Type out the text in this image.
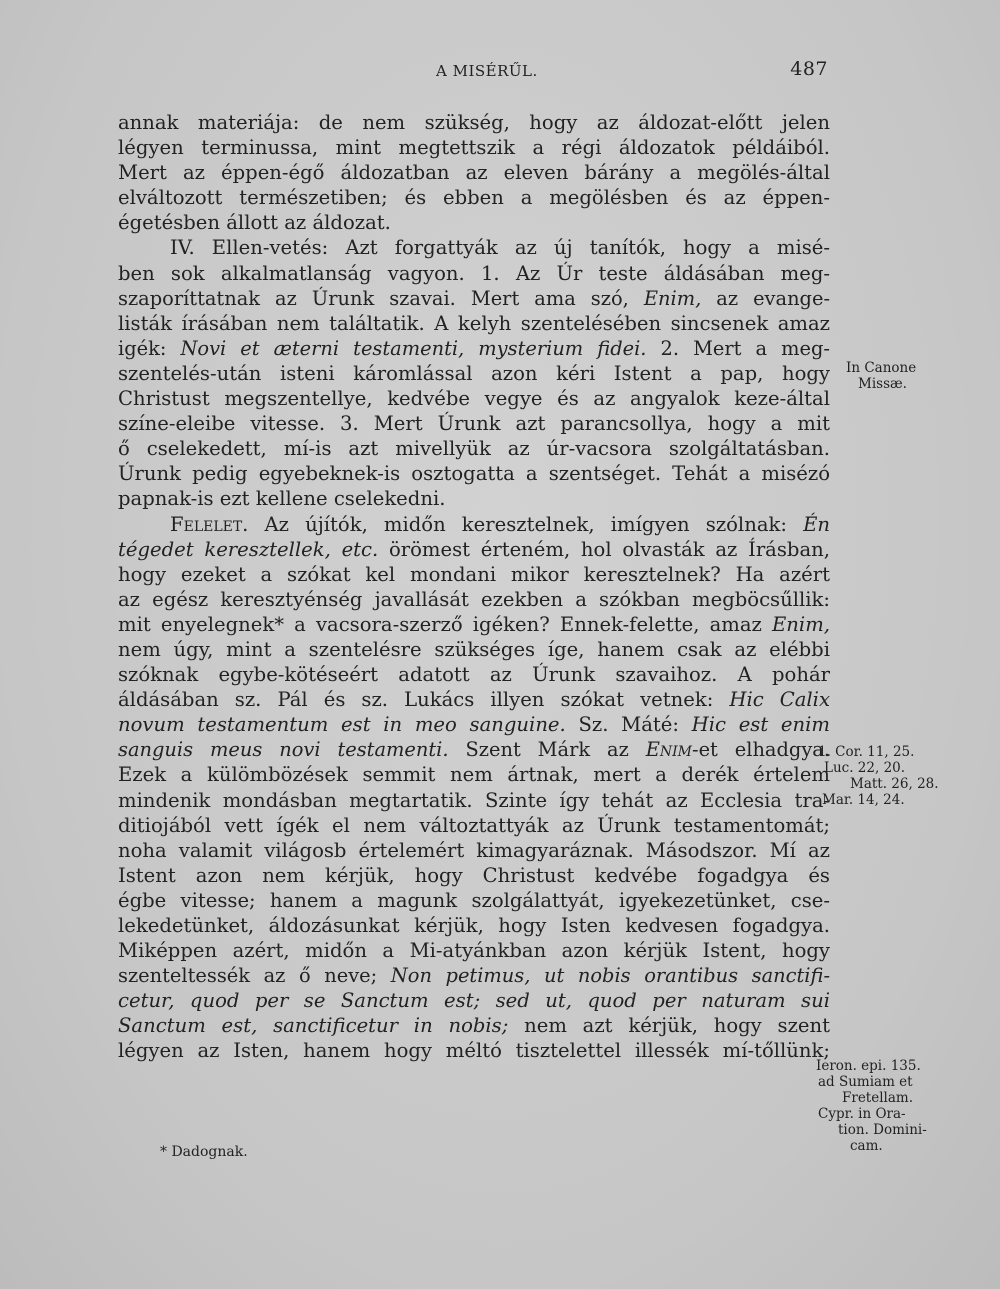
A MISÉRŰL.	487
annak materiája: de nem szükség, hogy az áldozat-előtt jelen
légyen terminussa, mint megtettszik a régi áldozatok példáiból.
Mert az éppen-égő áldozatban az eleven bárány a megölés-által
elváltozott természetiben; és ebben a megölésben és az éppen-
égetésben állott az áldozat.
IV. Ellen-vetés: Azt forgattyák az új tanítók, hogy a misé-
ben sok alkalmatlanság vagyon. 1. Az Úr teste áldásában meg-
szaporíttatnak az Úrunk szavai. Mert ama szó, Enim, az evange-
listák írásában nem találtatik. A kelyh szentelésében sincsenek amaz
igék: Novi et æterni testamenti, mysterium fidei. 2. Mert a meg-
szentelés-után isteni káromlással azon kéri Istent a pap, hogy
Christust megszentellye, kedvébe vegye és az angyalok keze-által
színe-eleibe vitesse. 3. Mert Úrunk azt parancsollya, hogy a mit
ő cselekedett, mí-is azt mivellyük az úr-vacsora szolgáltatásban.
Úrunk pedig egyebeknek-is osztogatta a szentséget. Tehát a misézó
papnak-is ezt kellene cselekedni.
Felelet. Az újítók, midőn keresztelnek, imígyen szólnak: Én
tégedet keresztellek, etc. örömest érteném, hol olvasták az Írásban,
hogy ezeket a szókat kel mondani mikor keresztelnek? Ha azért
az egész keresztyénség javallását ezekben a szókban megböcsűllik:
mit enyelegnek* a vacsora-szerző igéken? Ennek-felette, amaz Enim,
nem úgy, mint a szentelésre szükséges íge, hanem csak az elébbi
szóknak egybe-kötéseért adatott az Úrunk szavaihoz. A pohár
áldásában sz. Pál és sz. Lukács illyen szókat vetnek: Hic Calix
novum testamentum est in meo sanguine. Sz. Máté: Hic est enim
sanguis meus novi testamenti. Szent Márk az Enim-et elhadgya.
Ezek a külömbözések semmit nem ártnak, mert a derék értelem
mindenik mondásban megtartatik. Szinte így tehát az Ecclesia tra-
ditiojából vett ígék el nem változtattyák az Úrunk testamentomát;
noha valamit világosb értelemért kimagyaráznak. Másodszor. Mí az
Istent azon nem kérjük, hogy Christust kedvébe fogadgya és
égbe vitesse; hanem a magunk szolgálattyát, igyekezetünket, cse-
lekedetünket, áldozásunkat kérjük, hogy Isten kedvesen fogadgya.
Miképpen azért, midőn a Mi-atyánkban azon kérjük Istent, hogy
szenteltessék az ő neve; Non petimus, ut nobis orantibus sanctifi-
cetur, quod per se Sanctum est; sed ut, quod per naturam sui
Sanctum est, sanctificetur in nobis; nem azt kérjük, hogy szent
légyen az Isten, hanem hogy méltó tisztelettel illessék mí-tőllünk;
In Canone
Missæ.
1. Cor. 11, 25.
Luc. 22, 20.
Matt. 26, 28.
Mar. 14, 24.
Ieron. epi. 135.
ad Sumiam et
Fretellam.
Cypr. in Ora-
tion. Domini-
cam.
* Dadognak.
